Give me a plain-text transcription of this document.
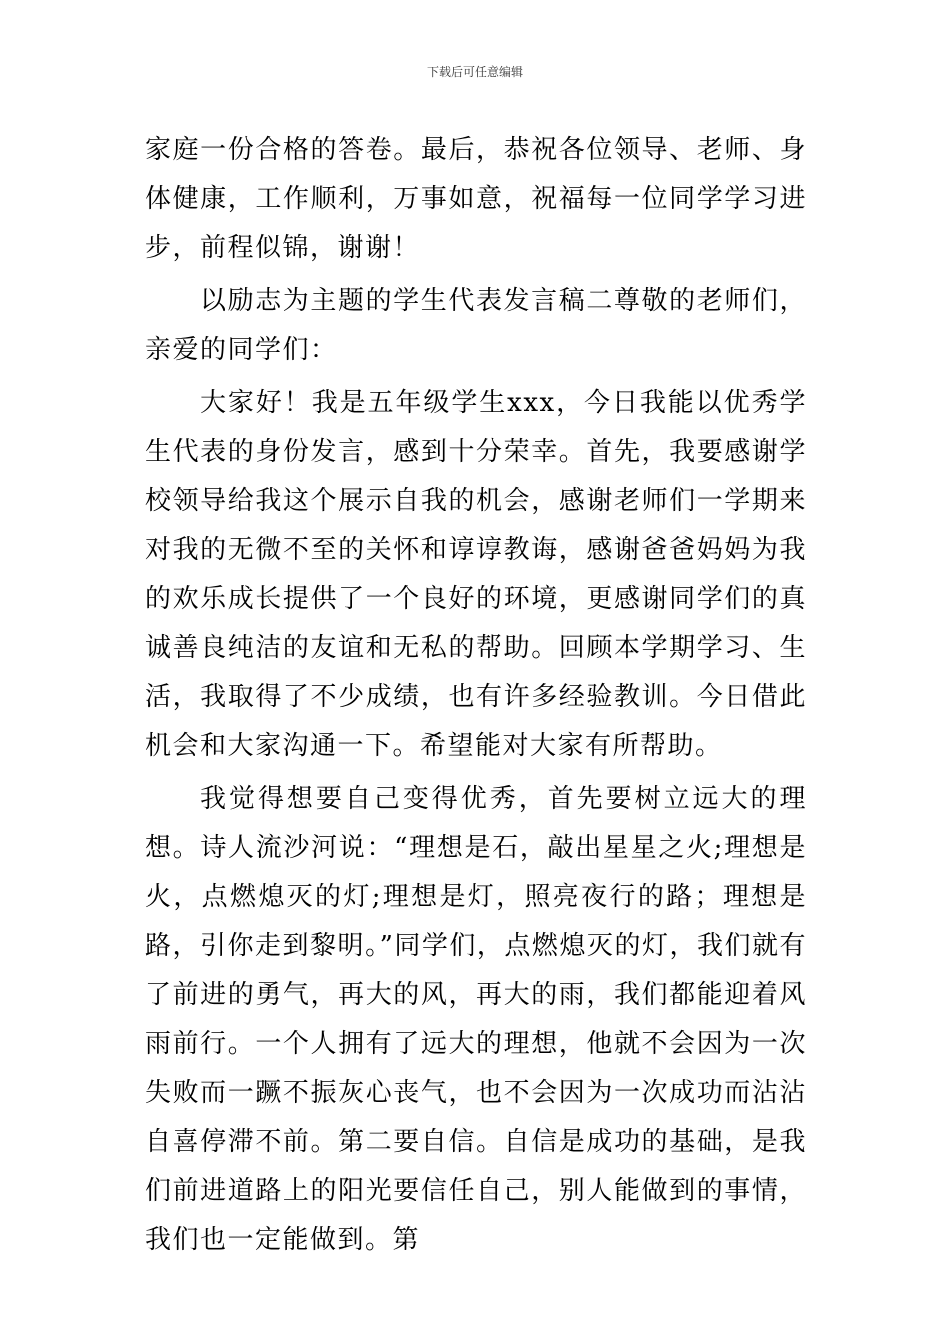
下载后可任意编辑

家庭一份合格的答卷。最后，恭祝各位领导、老师、身体健康，工作顺利，万事如意，祝福每一位同学学习进步，前程似锦，谢谢！

以励志为主题的学生代表发言稿二尊敬的老师们，亲爱的同学们：

大家好！我是五年级学生xxx，今日我能以优秀学生代表的身份发言，感到十分荣幸。首先，我要感谢学校领导给我这个展示自我的机会，感谢老师们一学期来对我的无微不至的关怀和谆谆教诲，感谢爸爸妈妈为我的欢乐成长提供了一个良好的环境，更感谢同学们的真诚善良纯洁的友谊和无私的帮助。回顾本学期学习、生活，我取得了不少成绩，也有许多经验教训。今日借此机会和大家沟通一下。希望能对大家有所帮助。

我觉得想要自己变得优秀，首先要树立远大的理想。诗人流沙河说：“理想是石，敲出星星之火;理想是火，点燃熄灭的灯;理想是灯，照亮夜行的路；理想是路，引你走到黎明。”同学们，点燃熄灭的灯，我们就有了前进的勇气，再大的风，再大的雨，我们都能迎着风雨前行。一个人拥有了远大的理想，他就不会因为一次失败而一蹶不振灰心丧气，也不会因为一次成功而沾沾自喜停滞不前。第二要自信。自信是成功的基础，是我们前进道路上的阳光要信任自己，别人能做到的事情，我们也一定能做到。第
